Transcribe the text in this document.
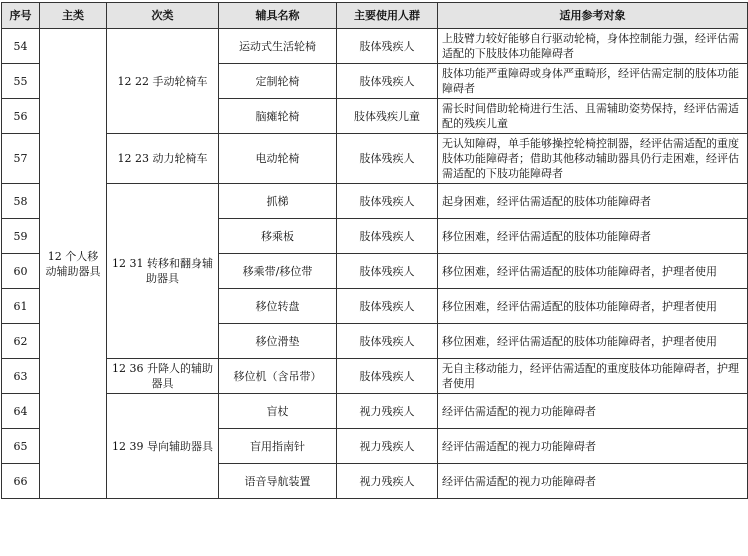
序号	主类	次类	辅具名称	主要使用人群	适用参考对象
54	12 个人移动辅助器具	12 22 手动轮椅车	运动式生活轮椅	肢体残疾人	上肢臂力较好能够自行驱动轮椅，身体控制能力强，经评估需适配的下肢肢体功能障碍者
55			定制轮椅	肢体残疾人	肢体功能严重障碍或身体严重畸形，经评估需定制的肢体功能障碍者
56			脑瘫轮椅	肢体残疾儿童	需长时间借助轮椅进行生活、且需辅助姿势保持，经评估需适配的残疾儿童
57		12 23 动力轮椅车	电动轮椅	肢体残疾人	无认知障碍，单手能够操控轮椅控制器，经评估需适配的重度肢体功能障碍者；借助其他移动辅助器具仍行走困难，经评估需适配的下肢功能障碍者
58		12 31 转移和翻身辅助器具	抓梯	肢体残疾人	起身困难，经评估需适配的肢体功能障碍者
59			移乘板	肢体残疾人	移位困难，经评估需适配的肢体功能障碍者
60			移乘带/移位带	肢体残疾人	移位困难，经评估需适配的肢体功能障碍者，护理者使用
61			移位转盘	肢体残疾人	移位困难，经评估需适配的肢体功能障碍者，护理者使用
62			移位滑垫	肢体残疾人	移位困难，经评估需适配的肢体功能障碍者，护理者使用
63		12 36 升降人的辅助器具	移位机（含吊带）	肢体残疾人	无自主移动能力，经评估需适配的重度肢体功能障碍者，护理者使用
64		12 39 导向辅助器具	盲杖	视力残疾人	经评估需适配的视力功能障碍者
65			盲用指南针	视力残疾人	经评估需适配的视力功能障碍者
66			语音导航装置	视力残疾人	经评估需适配的视力功能障碍者
